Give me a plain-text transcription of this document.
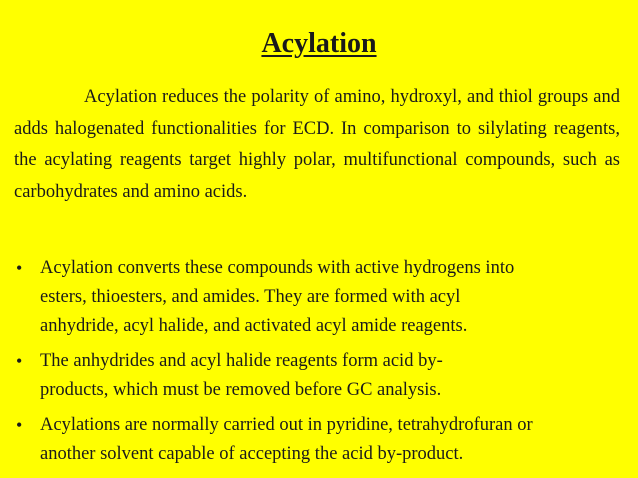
Acylation

Acylation reduces the polarity of amino, hydroxyl, and thiol groups and adds halogenated functionalities for ECD. In comparison to silylating reagents, the acylating reagents target highly polar, multifunctional compounds, such as carbohydrates and amino acids.

• Acylation converts these compounds with active hydrogens into
esters, thioesters, and amides. They are formed with acyl
anhydride, acyl halide, and activated acyl amide reagents.
• The anhydrides and acyl halide reagents form acid by-
products, which must be removed before GC analysis.
• Acylations are normally carried out in pyridine, tetrahydrofuran or
another solvent capable of accepting the acid by-product.
